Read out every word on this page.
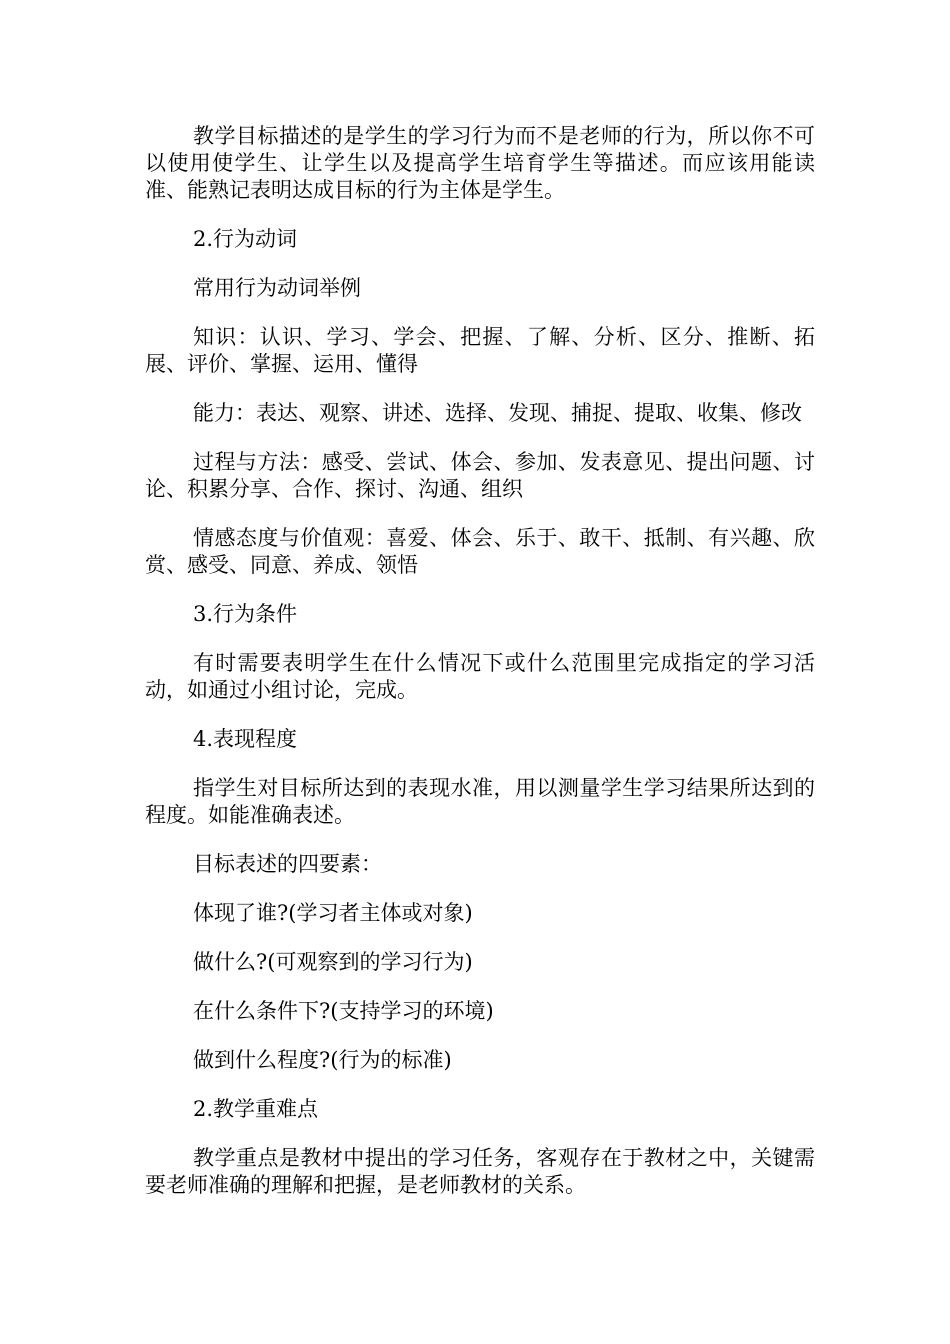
教学目标描述的是学生的学习行为而不是老师的行为，所以你不可以使用使学生、让学生以及提高学生培育学生等描述。而应该用能读准、能熟记表明达成目标的行为主体是学生。

2.行为动词

常用行为动词举例

知识：认识、学习、学会、把握、了解、分析、区分、推断、拓展、评价、掌握、运用、懂得

能力：表达、观察、讲述、选择、发现、捕捉、提取、收集、修改

过程与方法：感受、尝试、体会、参加、发表意见、提出问题、讨论、积累分享、合作、探讨、沟通、组织

情感态度与价值观：喜爱、体会、乐于、敢干、抵制、有兴趣、欣赏、感受、同意、养成、领悟

3.行为条件

有时需要表明学生在什么情况下或什么范围里完成指定的学习活动，如通过小组讨论，完成。

4.表现程度

指学生对目标所达到的表现水准，用以测量学生学习结果所达到的程度。如能准确表述。

目标表述的四要素：

体现了谁?(学习者主体或对象)

做什么?(可观察到的学习行为)

在什么条件下?(支持学习的环境)

做到什么程度?(行为的标准)

2.教学重难点

教学重点是教材中提出的学习任务，客观存在于教材之中，关键需要老师准确的理解和把握，是老师教材的关系。
